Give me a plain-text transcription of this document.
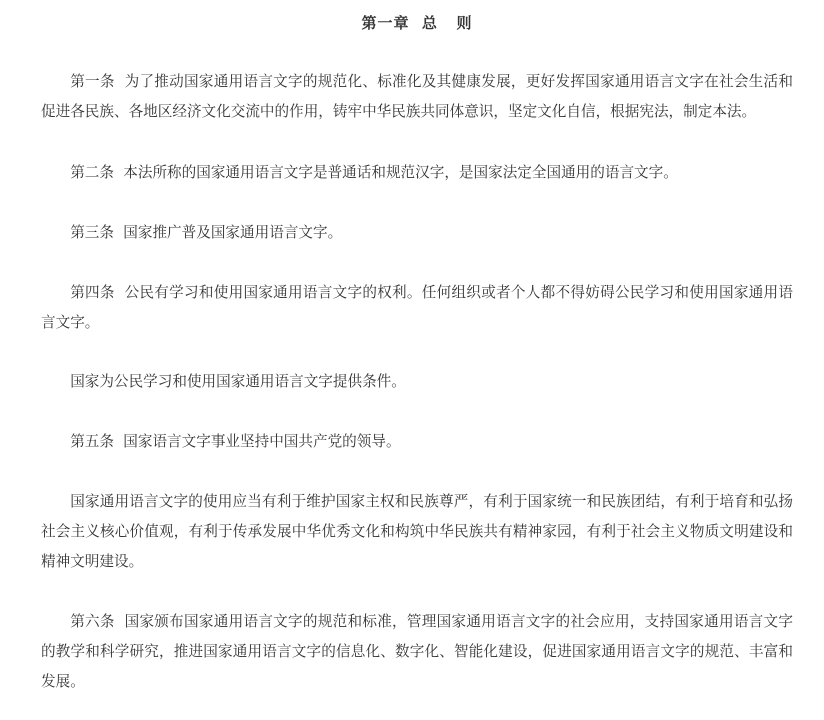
第一章  总   则

第一条  为了推动国家通用语言文字的规范化、标准化及其健康发展，更好发挥国家通用语言文字在社会生活和促进各民族、各地区经济文化交流中的作用，铸牢中华民族共同体意识，坚定文化自信，根据宪法，制定本法。

第二条  本法所称的国家通用语言文字是普通话和规范汉字，是国家法定全国通用的语言文字。

第三条  国家推广普及国家通用语言文字。

第四条  公民有学习和使用国家通用语言文字的权利。任何组织或者个人都不得妨碍公民学习和使用国家通用语言文字。

国家为公民学习和使用国家通用语言文字提供条件。

第五条  国家语言文字事业坚持中国共产党的领导。

国家通用语言文字的使用应当有利于维护国家主权和民族尊严，有利于国家统一和民族团结，有利于培育和弘扬社会主义核心价值观，有利于传承发展中华优秀文化和构筑中华民族共有精神家园，有利于社会主义物质文明建设和精神文明建设。

第六条  国家颁布国家通用语言文字的规范和标准，管理国家通用语言文字的社会应用，支持国家通用语言文字的教学和科学研究，推进国家通用语言文字的信息化、数字化、智能化建设，促进国家通用语言文字的规范、丰富和发展。
